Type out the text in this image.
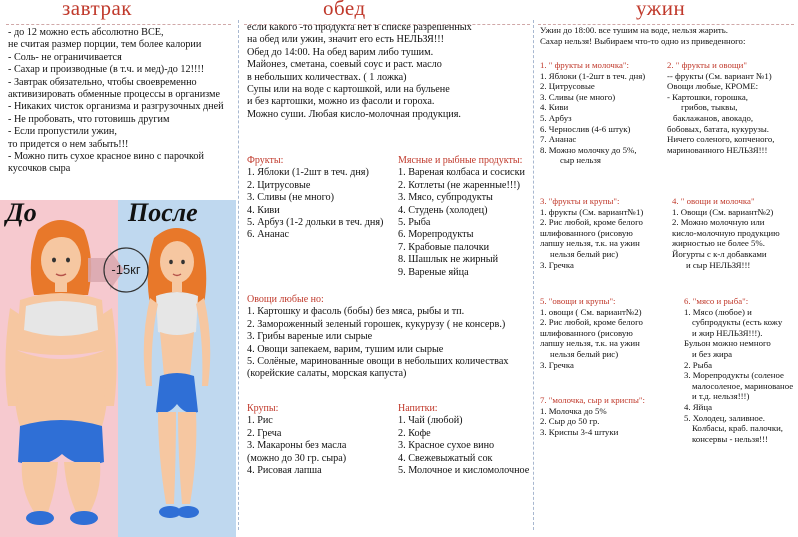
завтрак
- до 12 можно есть абсолютно ВСЕ,
не считая размер порции, тем более калории
- Соль- не ограничивается
- Сахар и производные (в т.ч. и мед)-до 12!!!!
- Завтрак обязательно, чтобы своевременно
активизировать обменные процессы в организме
- Никаких чисток организма и разгрузочных дней
- Не пробовать, что готовишь другим
- Если пропустили ужин,
то придется о нем забыть!!!
- Можно пить сухое красное вино с парочкой
кусочков сыра
До	После
-15кг
обед
если какого -то продукта нет в списке разрешенных
на обед или ужин, значит его есть НЕЛЬЗЯ!!!
Обед до 14:00. На обед варим либо тушим.
Майонез, сметана, соевый соус и раст. масло
в небольших количествах. ( 1 ложка)
Супы или на воде с картошкой, или на бульене
и без картошки, можно из фасоли и гороха.
Можно суши. Любая кисло-молочная продукция.
Фрукты:
1. Яблоки (1-2шт в теч. дня)
2. Цитрусовые
3. Сливы (не много)
4. Киви
5. Арбуз (1-2 дольки в теч. дня)
6. Ананас
Мясные и рыбные продукты:
1. Вареная колбаса и сосиски
2. Котлеты (не жаренные!!!)
3. Мясо, субпродукты
4. Студень (холодец)
5. Рыба
6. Морепродукты
7. Крабовые палочки
8. Шашлык не жирный
9. Вареные яйца
Овощи любые но:
1. Картошку и фасоль (бобы) без мяса, рыбы и тп.
2. Замороженный зеленый горошек, кукурузу ( не консерв.)
3. Грибы вареные или сырые
4. Овощи запекаем, варим, тушим или сырые
5. Солёные, маринованные овощи в небольших количествах
(корейские салаты, морская капуста)
Крупы:
1. Рис
2. Греча
3. Макароны без масла
(можно до 30 гр. сыра)
4. Рисовая лапша
Напитки:
1. Чай (любой)
2. Кофе
3. Красное сухое вино
4. Свежевыжатый сок
5. Молочное и кисломолочное
ужин
Ужин до 18:00. все тушим на воде, нельзя жарить.
Сахар нельзя! Выбираем что-то одно из приведенного:
1. " фрукты и молочка":
1. Яблоки (1-2шт в теч. дня)
2. Цитрусовые
3. Сливы (не много)
4. Киви
5. Арбуз
6. Чернослив (4-6 штук)
7. Ананас
8. Можно молочку до 5%,
сыр нельзя
2. " фрукты и овощи"
-- фрукты (См. вариант №1)
Овощи любые, КРОМЕ:
- Картошки, горошка,
грибов, тыквы,
баклажанов, авокадо,
бобовых, батата, кукурузы.
Ничего соленого, копченого,
маринованного НЕЛЬЗЯ!!!
3. "фрукты и крупы":
1. фрукты (См. вариант№1)
2. Рис любой, кроме белого
шлифованного (рисовую
лапшу нельзя, т.к. на ужин
нельзя белый рис)
3. Гречка
4. " овощи и молочка"
1. Овощи (См. вариант№2)
2. Можно молочную или
кисло-молочную продукцию
жирностью не более 5%.
Йогурты с к-л добавками
и сыр НЕЛЬЗЯ!!!
5. "овощи и крупы":
1. овощи ( См. вариант№2)
2. Рис любой, кроме белого
шлифованного (рисовую
лапшу нельзя, т.к. на ужин
нельзя белый рис)
3. Гречка
6. "мясо и рыба":
1. Мясо (любое) и
субпродукты (есть кожу
и жир НЕЛЬЗЯ!!!).
Бульон можно немного
и без жира
2. Рыба
3. Морепродукты (соленое
малосоленое, маринованое
и т.д. нельзя!!!)
4. Яйца
5. Холодец, заливное.
Колбасы, краб. палочки,
консервы - нельзя!!!
7. "молочка, сыр и криспы":
1. Молочка до 5%
2. Сыр до 50 гр.
3. Криспы 3-4 штуки
